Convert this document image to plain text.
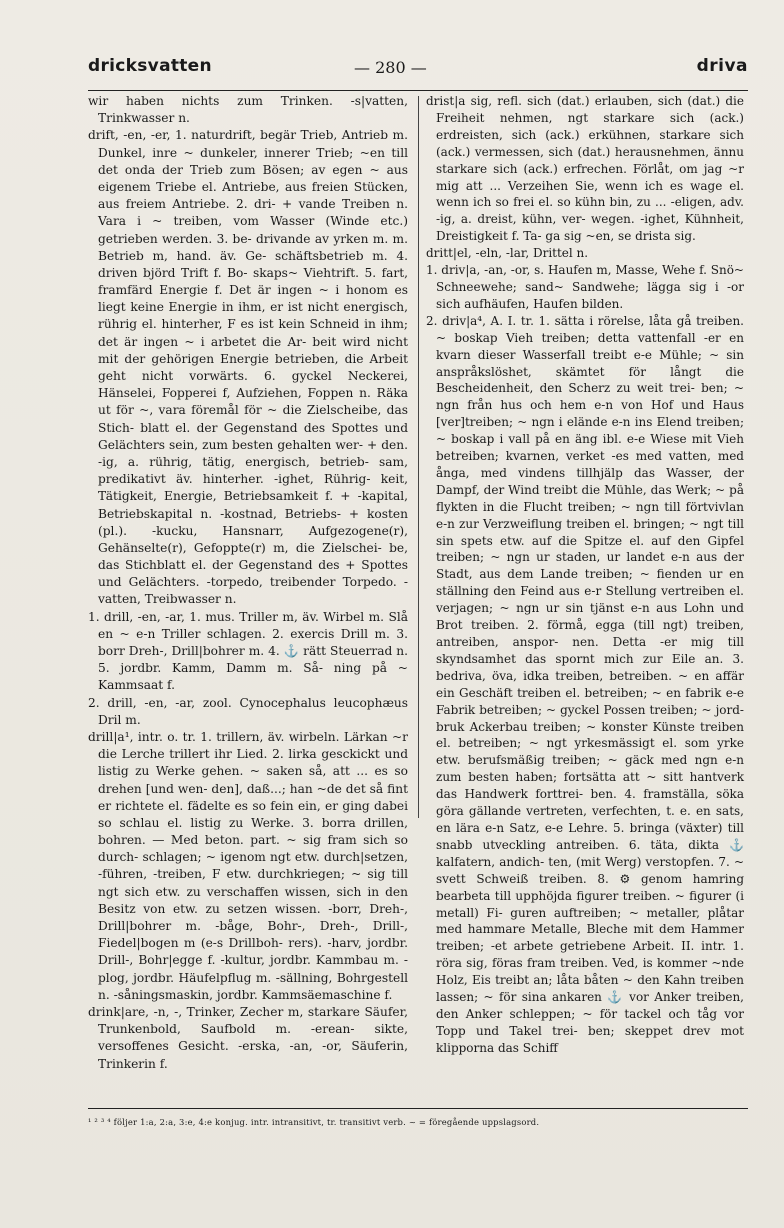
dricksvatten	— 280 —	driva

wir haben nichts zum Trinken. -s|vatten, Trinkwasser n.

drift, -en, -er, 1. naturdrift, begär Trieb, Antrieb m. Dunkel, inre ~ dunkeler, innerer Trieb; ~en till det onda der Trieb zum Bösen; av egen ~ aus eigenem Triebe el. Antriebe, aus freien Stücken, aus freiem Antriebe. 2. dri- + vande Treiben n. Vara i ~ treiben, vom Wasser (Winde etc.) getrieben werden. 3. be- drivande av yrken m. m. Betrieb m, hand. äv. Ge- schäftsbetrieb m. 4. driven björd Trift f. Bo- skaps~ Viehtrift. 5. fart, framfärd Energie f. Det är ingen ~ i honom es liegt keine Energie in ihm, er ist nicht energisch, rührig el. hinterher, F es ist kein Schneid in ihm; det är ingen ~ i arbetet die Ar- beit wird nicht mit der gehörigen Energie betrieben, die Arbeit geht nicht vorwärts. 6. gyckel Neckerei, Hänselei, Fopperei f, Aufziehen, Foppen n. Räka ut för ~, vara föremål för ~ die Zielscheibe, das Stich- blatt el. der Gegenstand des Spottes und Gelächters sein, zum besten gehalten wer- + den. -ig, a. rührig, tätig, energisch, betrieb- sam, predikativt äv. hinterher. -ighet, Rührig- keit, Tätigkeit, Energie, Betriebsamkeit f. + -kapital, Betriebskapital n. -kostnad, Betriebs- + kosten (pl.). -kucku, Hansnarr, Aufgezogene(r), Gehänselte(r), Gefoppte(r) m, die Zielschei- be, das Stichblatt el. der Gegenstand des + Spottes und Gelächters. -torpedo, treibender Torpedo. -vatten, Treibwasser n.

1. drill, -en, -ar, 1. mus. Triller m, äv. Wirbel m. Slå en ~ e-n Triller schlagen. 2. exercis Drill m. 3. borr Dreh-, Drill|bohrer m. 4. ⚓ rätt Steuerrad n. 5. jordbr. Kamm, Damm m. Så- ning på ~ Kammsaat f.

2. drill, -en, -ar, zool. Cynocephalus leucophæus Dril m.

drill|a¹, intr. o. tr. 1. trillern, äv. wirbeln. Lärkan ~r die Lerche trillert ihr Lied. 2. lirka gesckickt und listig zu Werke gehen. ~ saken så, att ... es so drehen [und wen- den], daß...; han ~de det så fint er richtete el. fädelte es so fein ein, er ging dabei so schlau el. listig zu Werke. 3. borra drillen, bohren. — Med beton. part. ~ sig fram sich so durch- schlagen; ~ igenom ngt etw. durch|setzen, -führen, -treiben, F etw. durchkriegen; ~ sig till ngt sich etw. zu verschaffen wissen, sich in den Besitz von etw. zu setzen wissen. -borr, Dreh-, Drill|bohrer m. -båge, Bohr-, Dreh-, Drill-, Fiedel|bogen m (e-s Drillboh- rers). -harv, jordbr. Drill-, Bohr|egge f. -kultur, jordbr. Kammbau m. -plog, jordbr. Häufelpflug m. -sällning, Bohrgestell n. -såningsmaskin, jordbr. Kammsäemaschine f.

drink|are, -n, -, Trinker, Zecher m, starkare Säufer, Trunkenbold, Saufbold m. -erean- sikte, versoffenes Gesicht. -erska, -an, -or, Säuferin, Trinkerin f.

drist|a sig, refl. sich (dat.) erlauben, sich (dat.) die Freiheit nehmen, ngt starkare sich (ack.) erdreisten, sich (ack.) erkühnen, starkare sich (ack.) vermessen, sich (dat.) herausnehmen, ännu starkare sich (ack.) erfrechen. Förlåt, om jag ~r mig att ... Verzeihen Sie, wenn ich es wage el. wenn ich so frei el. so kühn bin, zu ... -eligen, adv. -ig, a. dreist, kühn, ver- wegen. -ighet, Kühnheit, Dreistigkeit f. Ta- ga sig ~en, se drista sig.

dritt|el, -eln, -lar, Drittel n.

1. driv|a, -an, -or, s. Haufen m, Masse, Wehe f. Snö~ Schneewehe; sand~ Sandwehe; lägga sig i -or sich aufhäufen, Haufen bilden.

2. driv|a⁴, A. I. tr. 1. sätta i rörelse, låta gå treiben. ~ boskap Vieh treiben; detta vattenfall -er en kvarn dieser Wasserfall treibt e-e Mühle; ~ sin anspråkslöshet, skämtet för långt die Bescheidenheit, den Scherz zu weit trei- ben; ~ ngn från hus och hem e-n von Hof und Haus [ver]treiben; ~ ngn i elände e-n ins Elend treiben; ~ boskap i vall på en äng ibl. e-e Wiese mit Vieh betreiben; kvarnen, verket -es med vatten, med ånga, med vindens tillhjälp das Wasser, der Dampf, der Wind treibt die Mühle, das Werk; ~ på flykten in die Flucht treiben; ~ ngn till förtvivlan e-n zur Verzweiflung treiben el. bringen; ~ ngt till sin spets etw. auf die Spitze el. auf den Gipfel treiben; ~ ngn ur staden, ur landet e-n aus der Stadt, aus dem Lande treiben; ~ fienden ur en ställning den Feind aus e-r Stellung vertreiben el. verjagen; ~ ngn ur sin tjänst e-n aus Lohn und Brot treiben. 2. förmå, egga (till ngt) treiben, antreiben, anspor- nen. Detta -er mig till skyndsamhet das spornt mich zur Eile an. 3. bedriva, öva, idka treiben, betreiben. ~ en affär ein Geschäft treiben el. betreiben; ~ en fabrik e-e Fabrik betreiben; ~ gyckel Possen treiben; ~ jord- bruk Ackerbau treiben; ~ konster Künste treiben el. betreiben; ~ ngt yrkesmässigt el. som yrke etw. berufsmäßig treiben; ~ gäck med ngn e-n zum besten haben; fortsätta att ~ sitt hantverk das Handwerk forttrei- ben. 4. framställa, söka göra gällande vertreten, verfechten, t. e. en sats, en lära e-n Satz, e-e Lehre. 5. bringa (växter) till snabb utveckling antreiben. 6. täta, dikta ⚓ kalfatern, andich- ten, (mit Werg) verstopfen. 7. ~ svett Schweiß treiben. 8. ⚙ genom hamring bearbeta till upphöjda figurer treiben. ~ figurer (i metall) Fi- guren auftreiben; ~ metaller, plåtar med hammare Metalle, Bleche mit dem Hammer treiben; -et arbete getriebene Arbeit. II. intr. 1. röra sig, föras fram treiben. Ved, is kommer ~nde Holz, Eis treibt an; låta båten ~ den Kahn treiben lassen; ~ för sina ankaren ⚓ vor Anker treiben, den Anker schleppen; ~ för tackel och tåg vor Topp und Takel trei- ben; skeppet drev mot klipporna das Schiff

¹ ² ³ ⁴ följer 1:a, 2:a, 3:e, 4:e konjug. intr. intransitivt, tr. transitivt verb. ~ = föregående uppslagsord.
